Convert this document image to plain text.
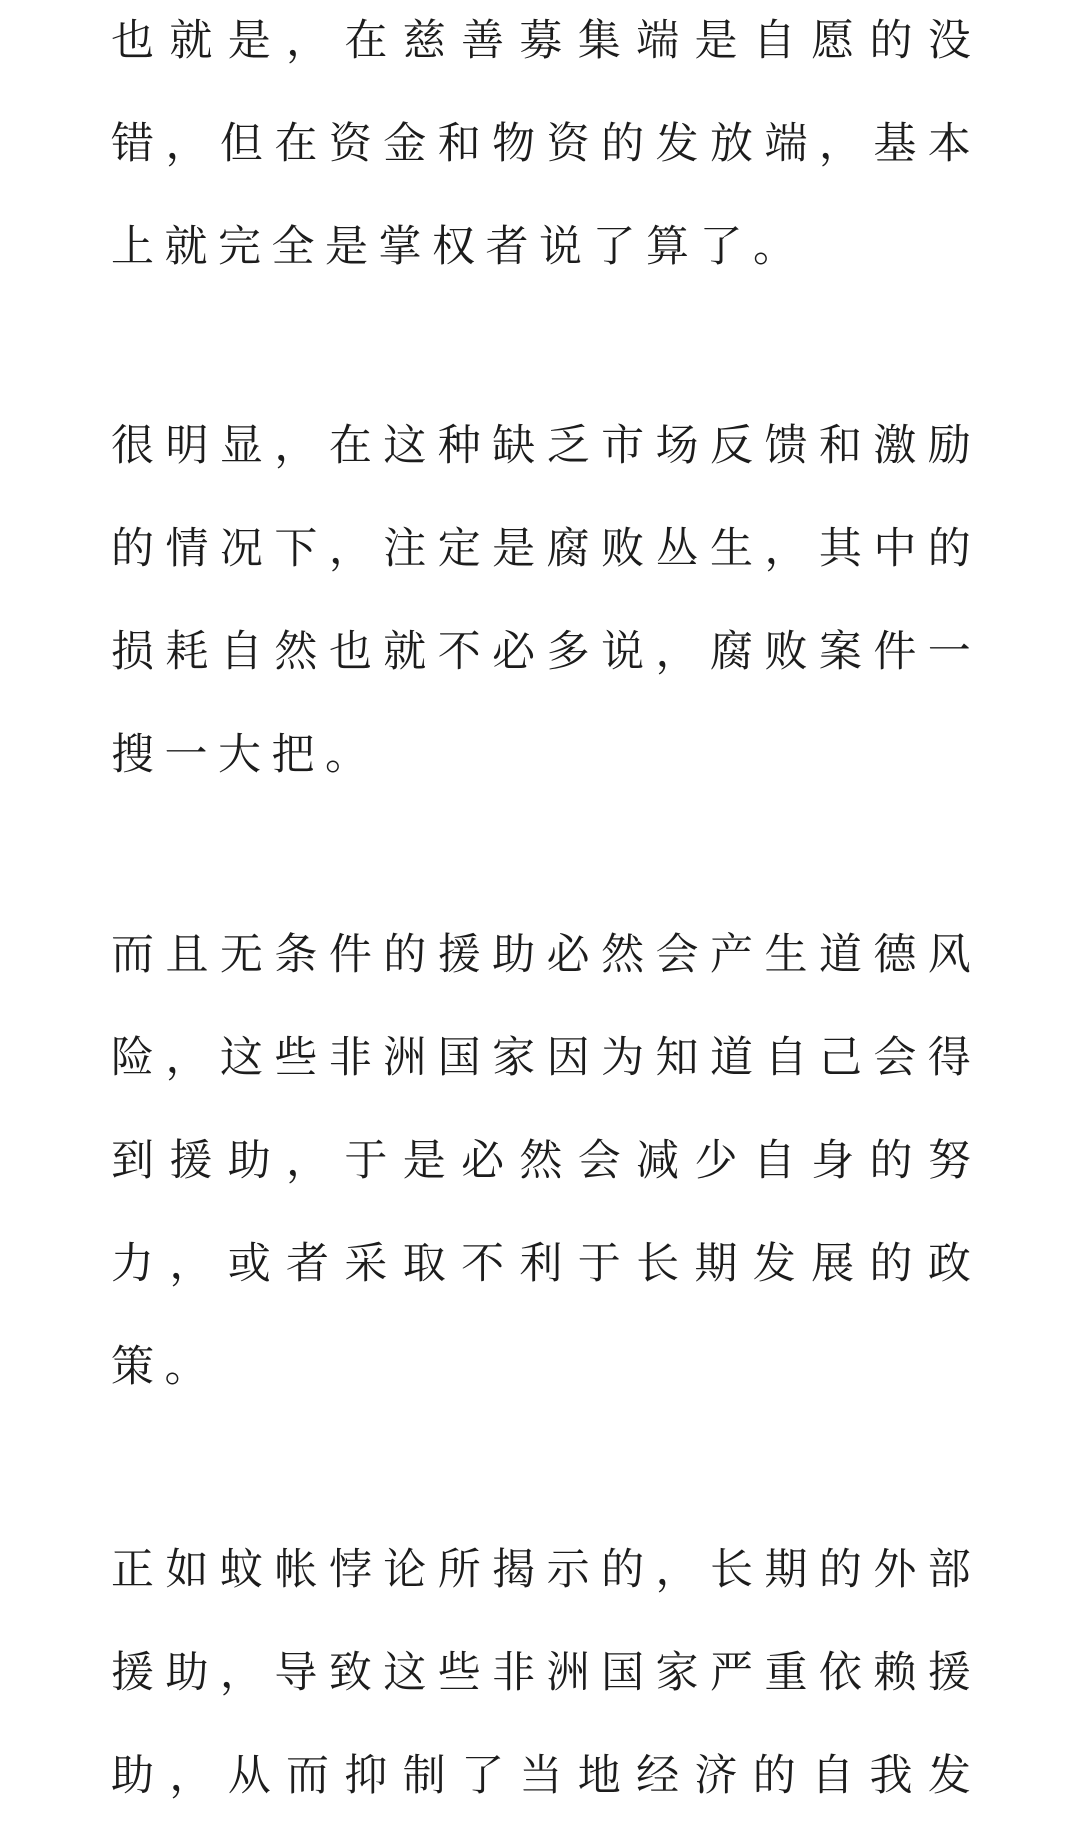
也 就 是 ， 在 慈 善 募 集 端 是 自 愿 的 没
错 ， 但 在 资 金 和 物 资 的 发 放 端 ， 基 本
上 就 完 全 是 掌 权 者 说 了 算 了 。
很 明 显 ， 在 这 种 缺 乏 市 场 反 馈 和 激 励
的 情 况 下 ， 注 定 是 腐 败 丛 生 ， 其 中 的
损 耗 自 然 也 就 不 必 多 说 ， 腐 败 案 件 一
搜 一 大 把 。
而 且 无 条 件 的 援 助 必 然 会 产 生 道 德 风
险 ， 这 些 非 洲 国 家 因 为 知 道 自 己 会 得
到 援 助 ， 于 是 必 然 会 减 少 自 身 的 努
力 ， 或 者 采 取 不 利 于 长 期 发 展 的 政
策 。
正 如 蚊 帐 悖 论 所 揭 示 的 ， 长 期 的 外 部
援 助 ， 导 致 这 些 非 洲 国 家 严 重 依 赖 援
助 ， 从 而 抑 制 了 当 地 经 济 的 自 我 发
